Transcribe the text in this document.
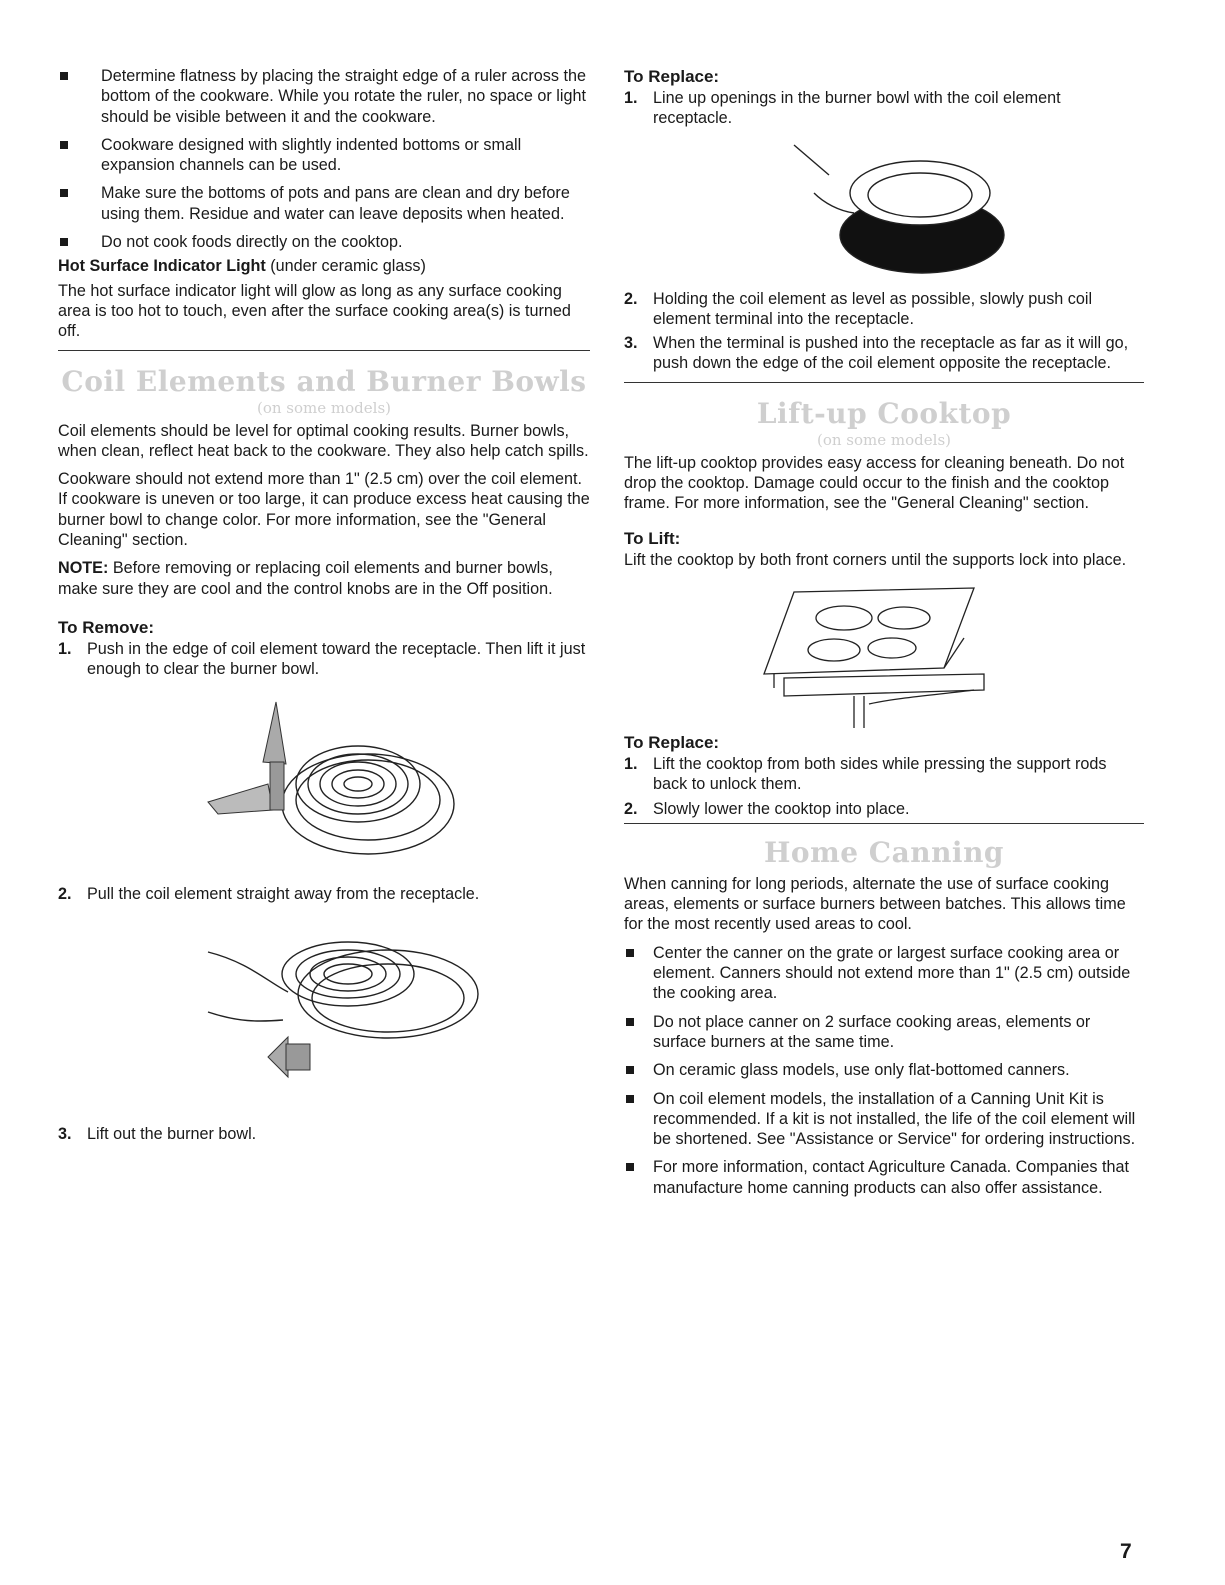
Determine flatness by placing the straight edge of a ruler across the bottom of the cookware. While you rotate the ruler, no space or light should be visible between it and the cookware.
Cookware designed with slightly indented bottoms or small expansion channels can be used.
Make sure the bottoms of pots and pans are clean and dry before using them. Residue and water can leave deposits when heated.
Do not cook foods directly on the cooktop.

Hot Surface Indicator Light (under ceramic glass)

The hot surface indicator light will glow as long as any surface cooking area is too hot to touch, even after the surface cooking area(s) is turned off.

Coil Elements and Burner Bowls
(on some models)

Coil elements should be level for optimal cooking results. Burner bowls, when clean, reflect heat back to the cookware. They also help catch spills.

Cookware should not extend more than 1" (2.5 cm) over the coil element. If cookware is uneven or too large, it can produce excess heat causing the burner bowl to change color. For more information, see the "General Cleaning" section.

NOTE: Before removing or replacing coil elements and burner bowls, make sure they are cool and the control knobs are in the Off position.

To Remove:
1. Push in the edge of coil element toward the receptacle. Then lift it just enough to clear the burner bowl.
2. Pull the coil element straight away from the receptacle.
3. Lift out the burner bowl.
To Replace:
1. Line up openings in the burner bowl with the coil element receptacle.
2. Holding the coil element as level as possible, slowly push coil element terminal into the receptacle.
3. When the terminal is pushed into the receptacle as far as it will go, push down the edge of the coil element opposite the receptacle.
Lift-up Cooktop
(on some models)

The lift-up cooktop provides easy access for cleaning beneath. Do not drop the cooktop. Damage could occur to the finish and the cooktop frame. For more information, see the "General Cleaning" section.

To Lift:

Lift the cooktop by both front corners until the supports lock into place.

To Replace:
1. Lift the cooktop from both sides while pressing the support rods back to unlock them.
2. Slowly lower the cooktop into place.
Home Canning

When canning for long periods, alternate the use of surface cooking areas, elements or surface burners between batches. This allows time for the most recently used areas to cool.

Center the canner on the grate or largest surface cooking area or element. Canners should not extend more than 1" (2.5 cm) outside the cooking area.
Do not place canner on 2 surface cooking areas, elements or surface burners at the same time.
On ceramic glass models, use only flat-bottomed canners.
On coil element models, the installation of a Canning Unit Kit is recommended. If a kit is not installed, the life of the coil element will be shortened. See "Assistance or Service" for ordering instructions.
For more information, contact Agriculture Canada. Companies that manufacture home canning products can also offer assistance.
7
